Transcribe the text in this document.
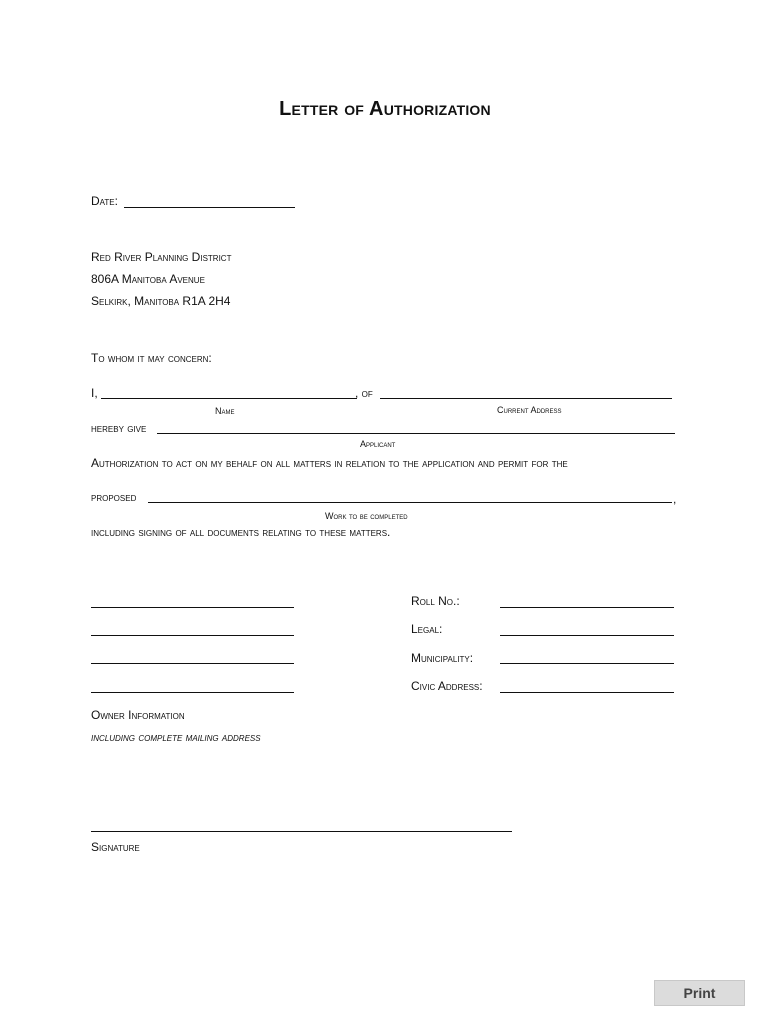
Letter of Authorization
Date:
Red River Planning District
806A Manitoba Avenue
Selkirk, Manitoba R1A 2H4
To whom it may concern:
I,	, of
Name	Current Address
hereby give
Applicant
Authorization to act on my behalf on all matters in relation to the application and permit for the
proposed	,
Work to be completed
including signing of all documents relating to these matters.
Roll No.:
Legal:
Municipality:
Civic Address:
Owner Information
including complete mailing address
Signature
Print
